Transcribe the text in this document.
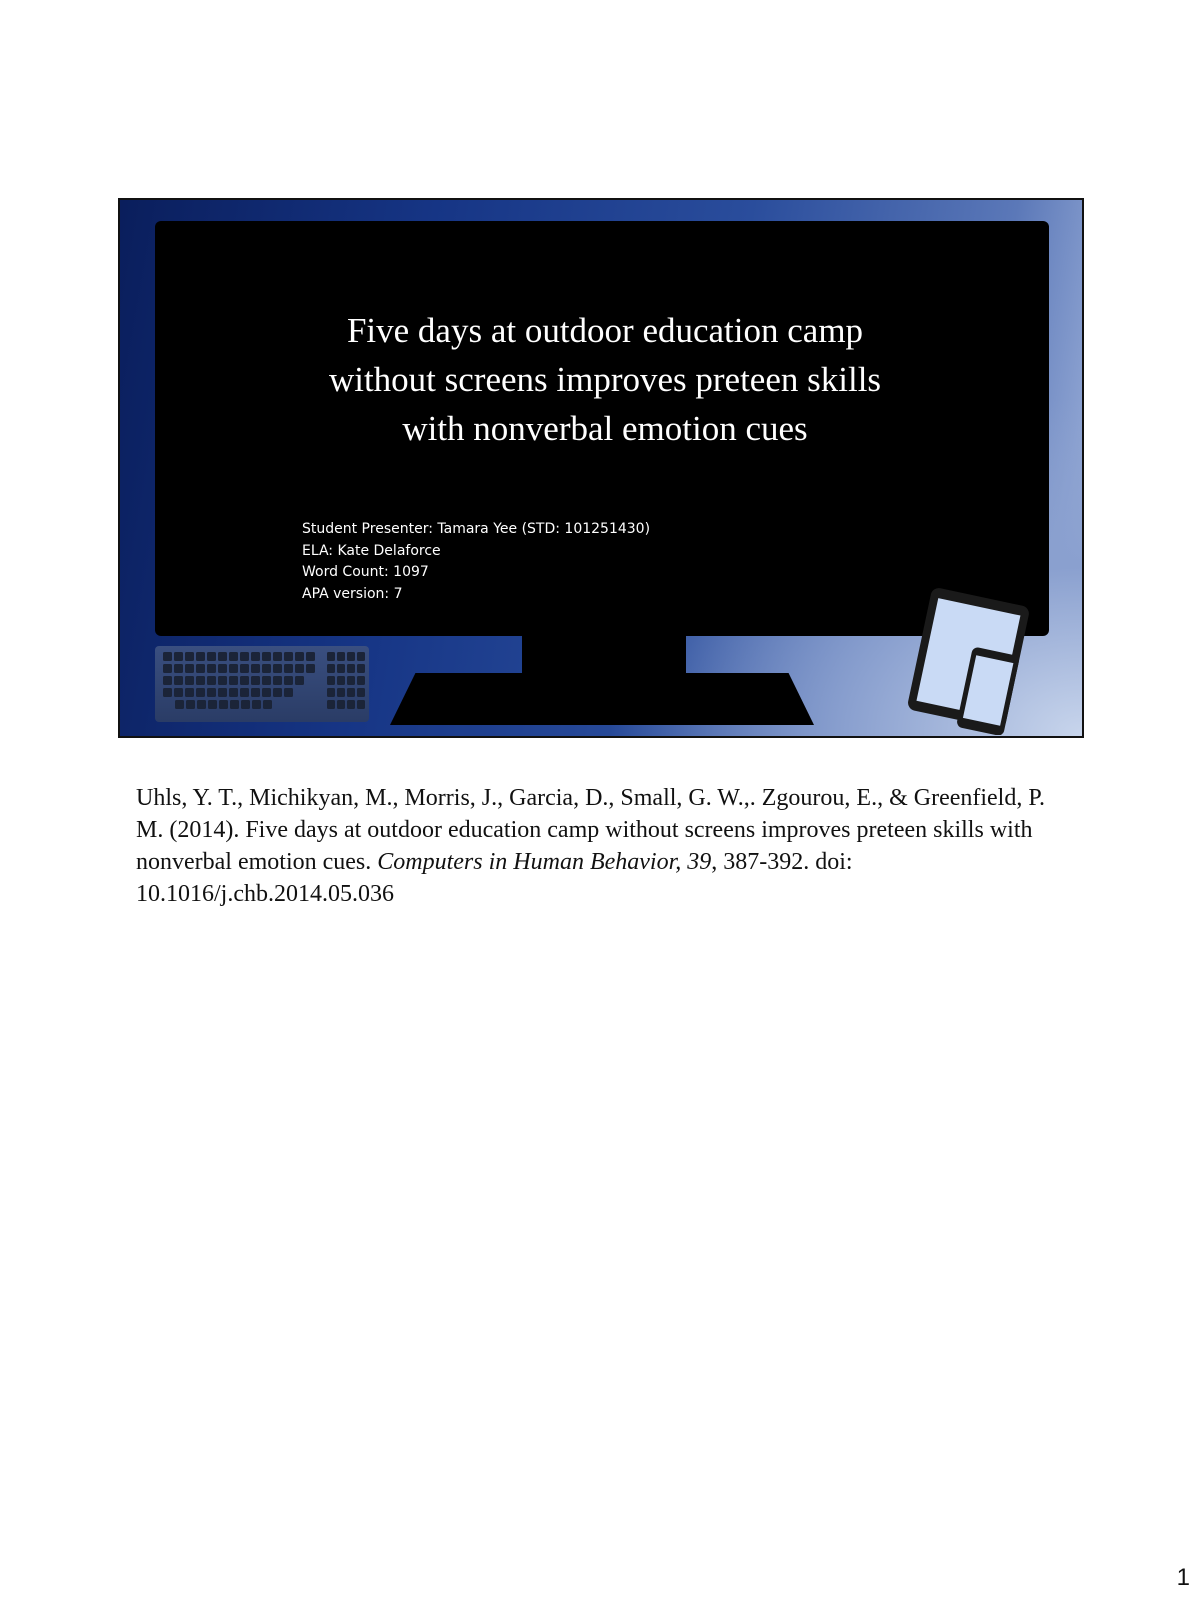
Five days at outdoor education camp
without screens improves preteen skills
with nonverbal emotion cues
Student Presenter: Tamara Yee (STD: 101251430)
ELA: Kate Delaforce
Word Count: 1097
APA version: 7
Uhls, Y. T., Michikyan, M., Morris, J., Garcia, D., Small, G. W.,. Zgourou, E., & Greenfield, P. M. (2014). Five days at outdoor education camp without screens improves preteen skills with nonverbal emotion cues. Computers in Human Behavior, 39, 387-392. doi: 10.1016/j.chb.2014.05.036
1
